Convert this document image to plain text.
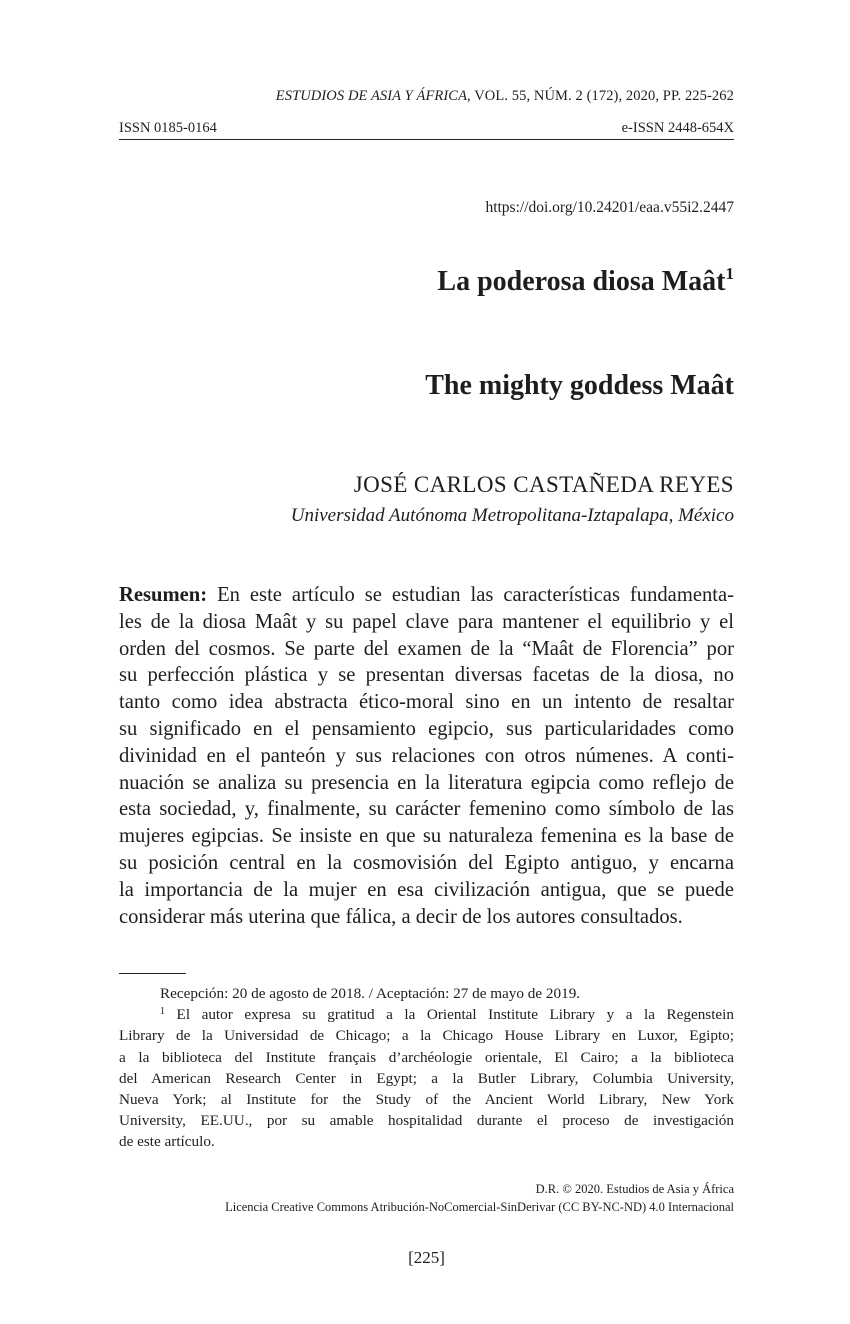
ESTUDIOS DE ASIA Y ÁFRICA, VOL. 55, NÚM. 2 (172), 2020, PP. 225-262
ISSN 0185-0164	e-ISSN 2448-654X
https://doi.org/10.24201/eaa.v55i2.2447
La poderosa diosa Maât$^1$
The mighty goddess Maât
JOSÉ CARLOS CASTAÑEDA REYES
Universidad Autónoma Metropolitana-Iztapalapa, México
Resumen: En este artículo se estudian las características fundamenta-
les de la diosa Maât y su papel clave para mantener el equilibrio y el
orden del cosmos. Se parte del examen de la “Maât de Florencia” por
su perfección plástica y se presentan diversas facetas de la diosa, no
tanto como idea abstracta ético-moral sino en un intento de resaltar
su significado en el pensamiento egipcio, sus particularidades como
divinidad en el panteón y sus relaciones con otros númenes. A conti-
nuación se analiza su presencia en la literatura egipcia como reflejo de
esta sociedad, y, finalmente, su carácter femenino como símbolo de las
mujeres egipcias. Se insiste en que su naturaleza femenina es la base de
su posición central en la cosmovisión del Egipto antiguo, y encarna
la importancia de la mujer en esa civilización antigua, que se puede
considerar más uterina que fálica, a decir de los autores consultados.
Recepción: 20 de agosto de 2018. / Aceptación: 27 de mayo de 2019.
$^1$ El autor expresa su gratitud a la Oriental Institute Library y a la Regenstein
Library de la Universidad de Chicago; a la Chicago House Library en Luxor, Egipto;
a la biblioteca del Institute français d’archéologie orientale, El Cairo; a la biblioteca
del American Research Center in Egypt; a la Butler Library, Columbia University,
Nueva York; al Institute for the Study of the Ancient World Library, New York
University, EE.UU., por su amable hospitalidad durante el proceso de investigación
de este artículo.
D.R. © 2020. Estudios de Asia y África
Licencia Creative Commons Atribución-NoComercial-SinDerivar (CC BY-NC-ND) 4.0 Internacional
[225]
